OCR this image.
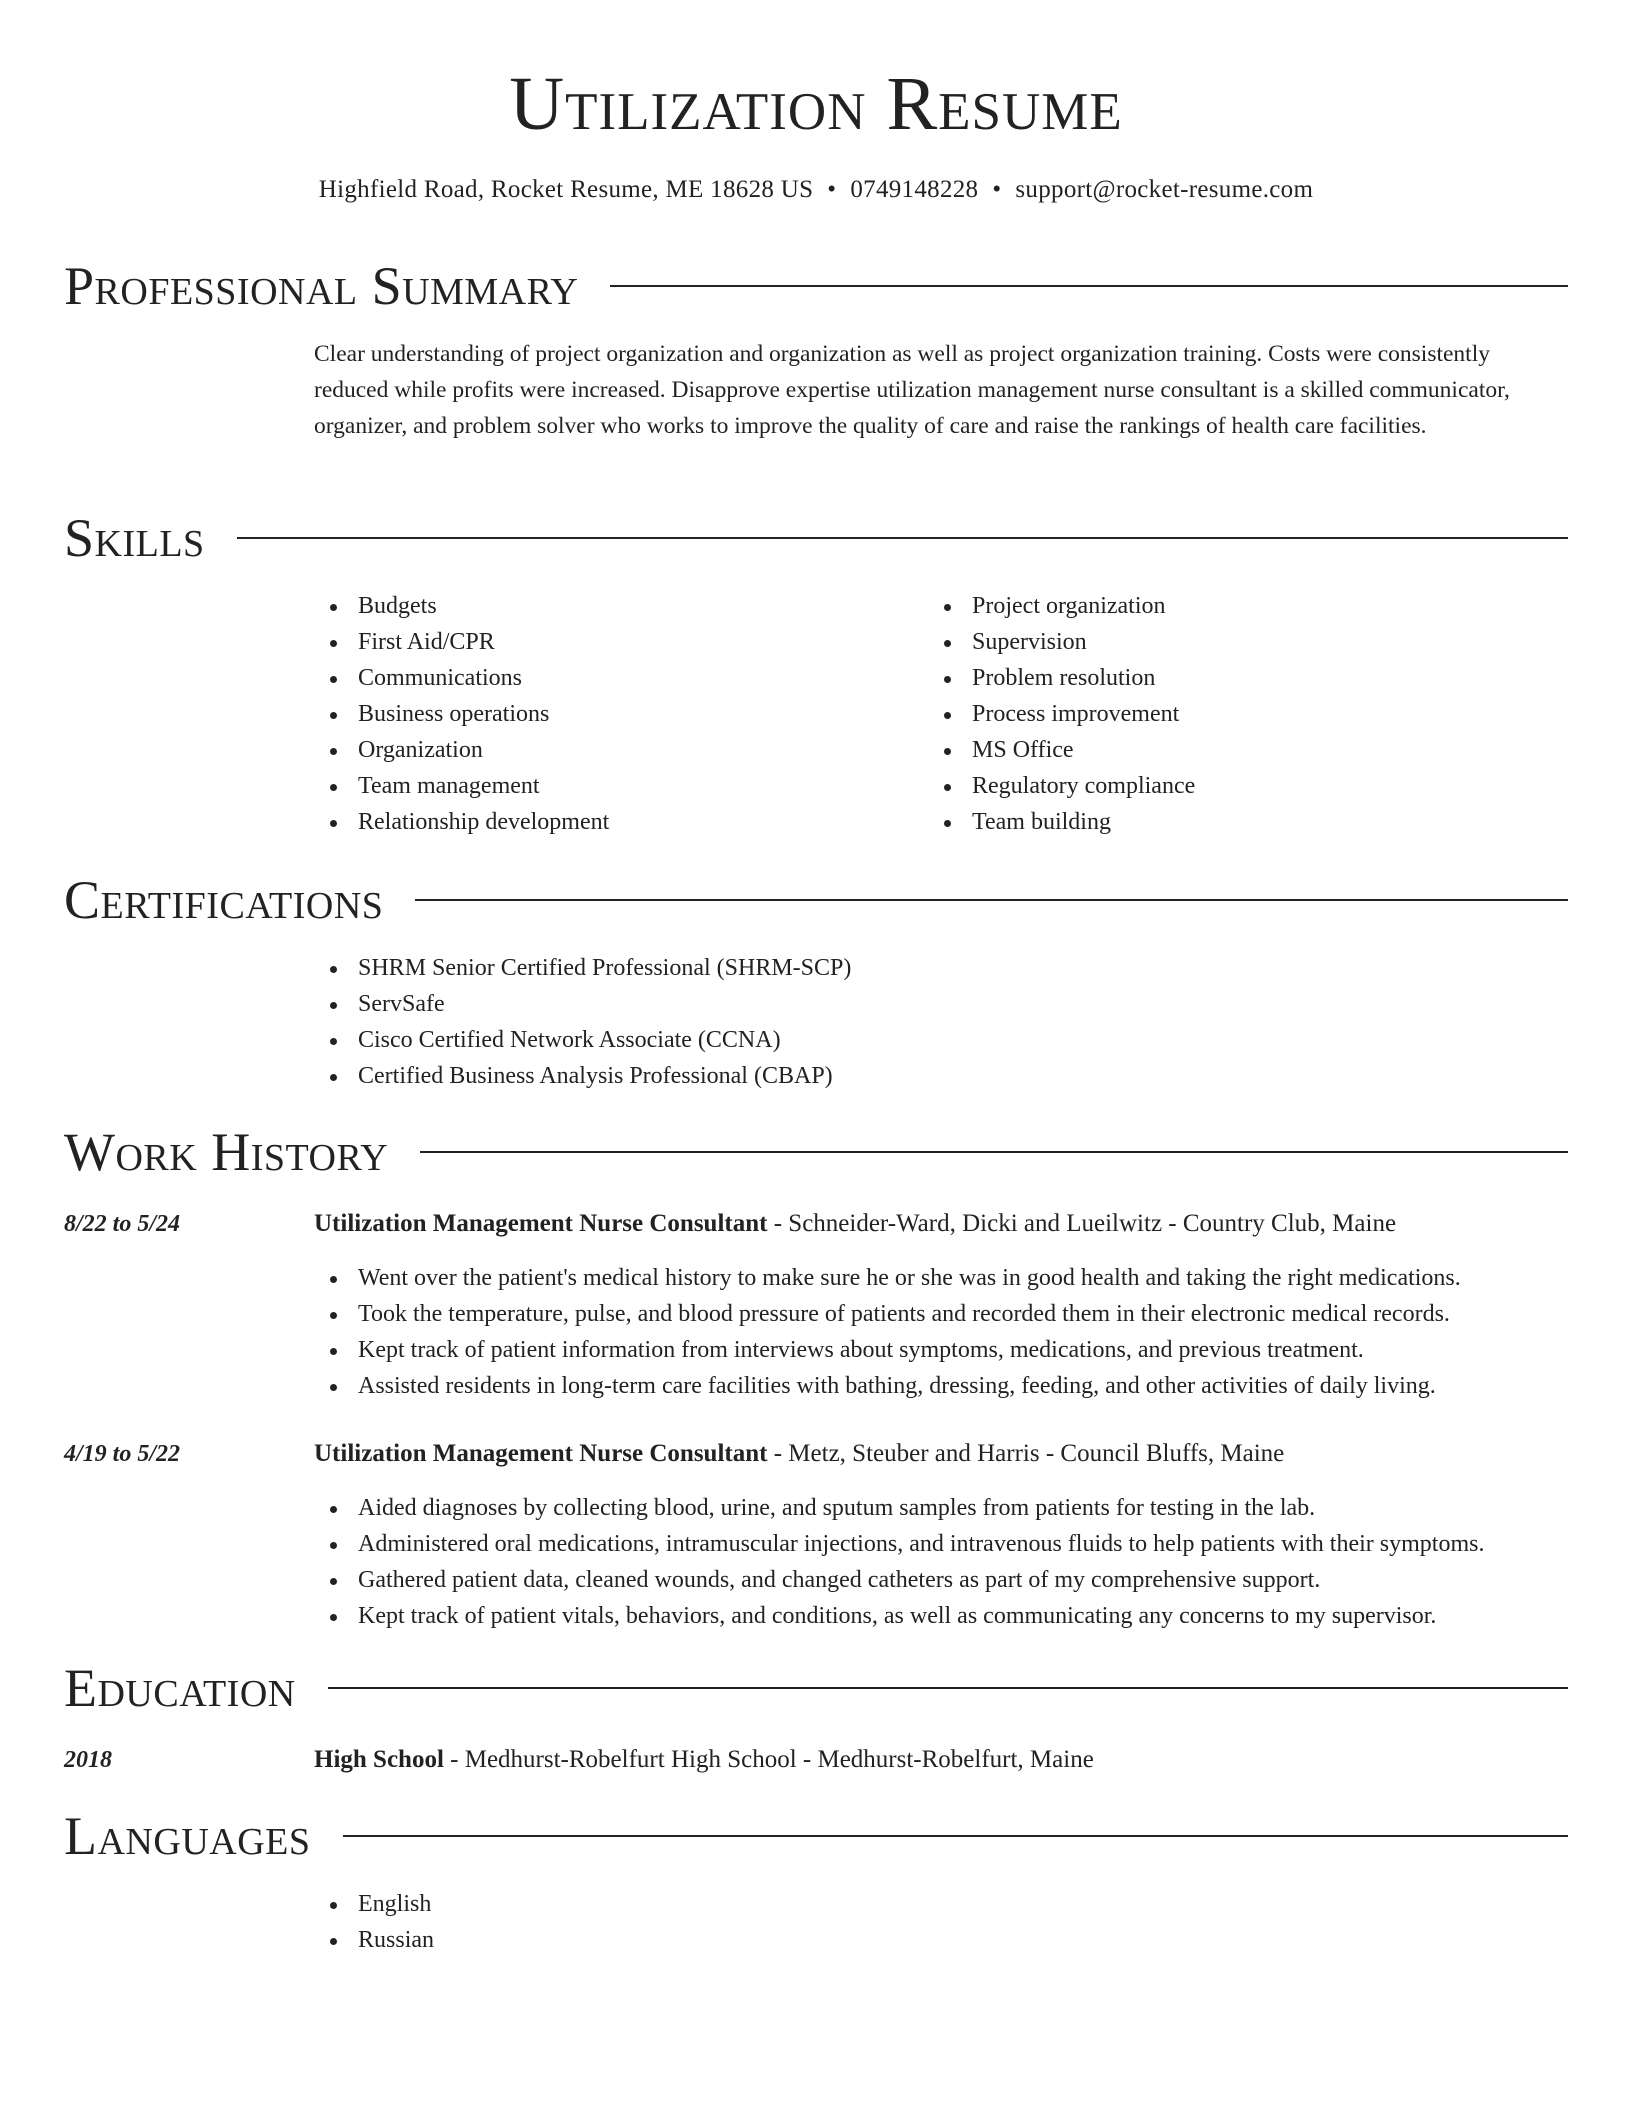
Utilization Resume
Highfield Road, Rocket Resume, ME 18628 US • 0749148228 • support@rocket-resume.com
Professional Summary
Clear understanding of project organization and organization as well as project organization training. Costs were consistently reduced while profits were increased. Disapprove expertise utilization management nurse consultant is a skilled communicator, organizer, and problem solver who works to improve the quality of care and raise the rankings of health care facilities.
Skills
Budgets
First Aid/CPR
Communications
Business operations
Organization
Team management
Relationship development
Project organization
Supervision
Problem resolution
Process improvement
MS Office
Regulatory compliance
Team building
Certifications
SHRM Senior Certified Professional (SHRM-SCP)
ServSafe
Cisco Certified Network Associate (CCNA)
Certified Business Analysis Professional (CBAP)
Work History
8/22 to 5/24	Utilization Management Nurse Consultant - Schneider-Ward, Dicki and Lueilwitz - Country Club, Maine
Went over the patient's medical history to make sure he or she was in good health and taking the right medications.
Took the temperature, pulse, and blood pressure of patients and recorded them in their electronic medical records.
Kept track of patient information from interviews about symptoms, medications, and previous treatment.
Assisted residents in long-term care facilities with bathing, dressing, feeding, and other activities of daily living.
4/19 to 5/22	Utilization Management Nurse Consultant - Metz, Steuber and Harris - Council Bluffs, Maine
Aided diagnoses by collecting blood, urine, and sputum samples from patients for testing in the lab.
Administered oral medications, intramuscular injections, and intravenous fluids to help patients with their symptoms.
Gathered patient data, cleaned wounds, and changed catheters as part of my comprehensive support.
Kept track of patient vitals, behaviors, and conditions, as well as communicating any concerns to my supervisor.
Education
2018	High School - Medhurst-Robelfurt High School - Medhurst-Robelfurt, Maine
Languages
English
Russian
